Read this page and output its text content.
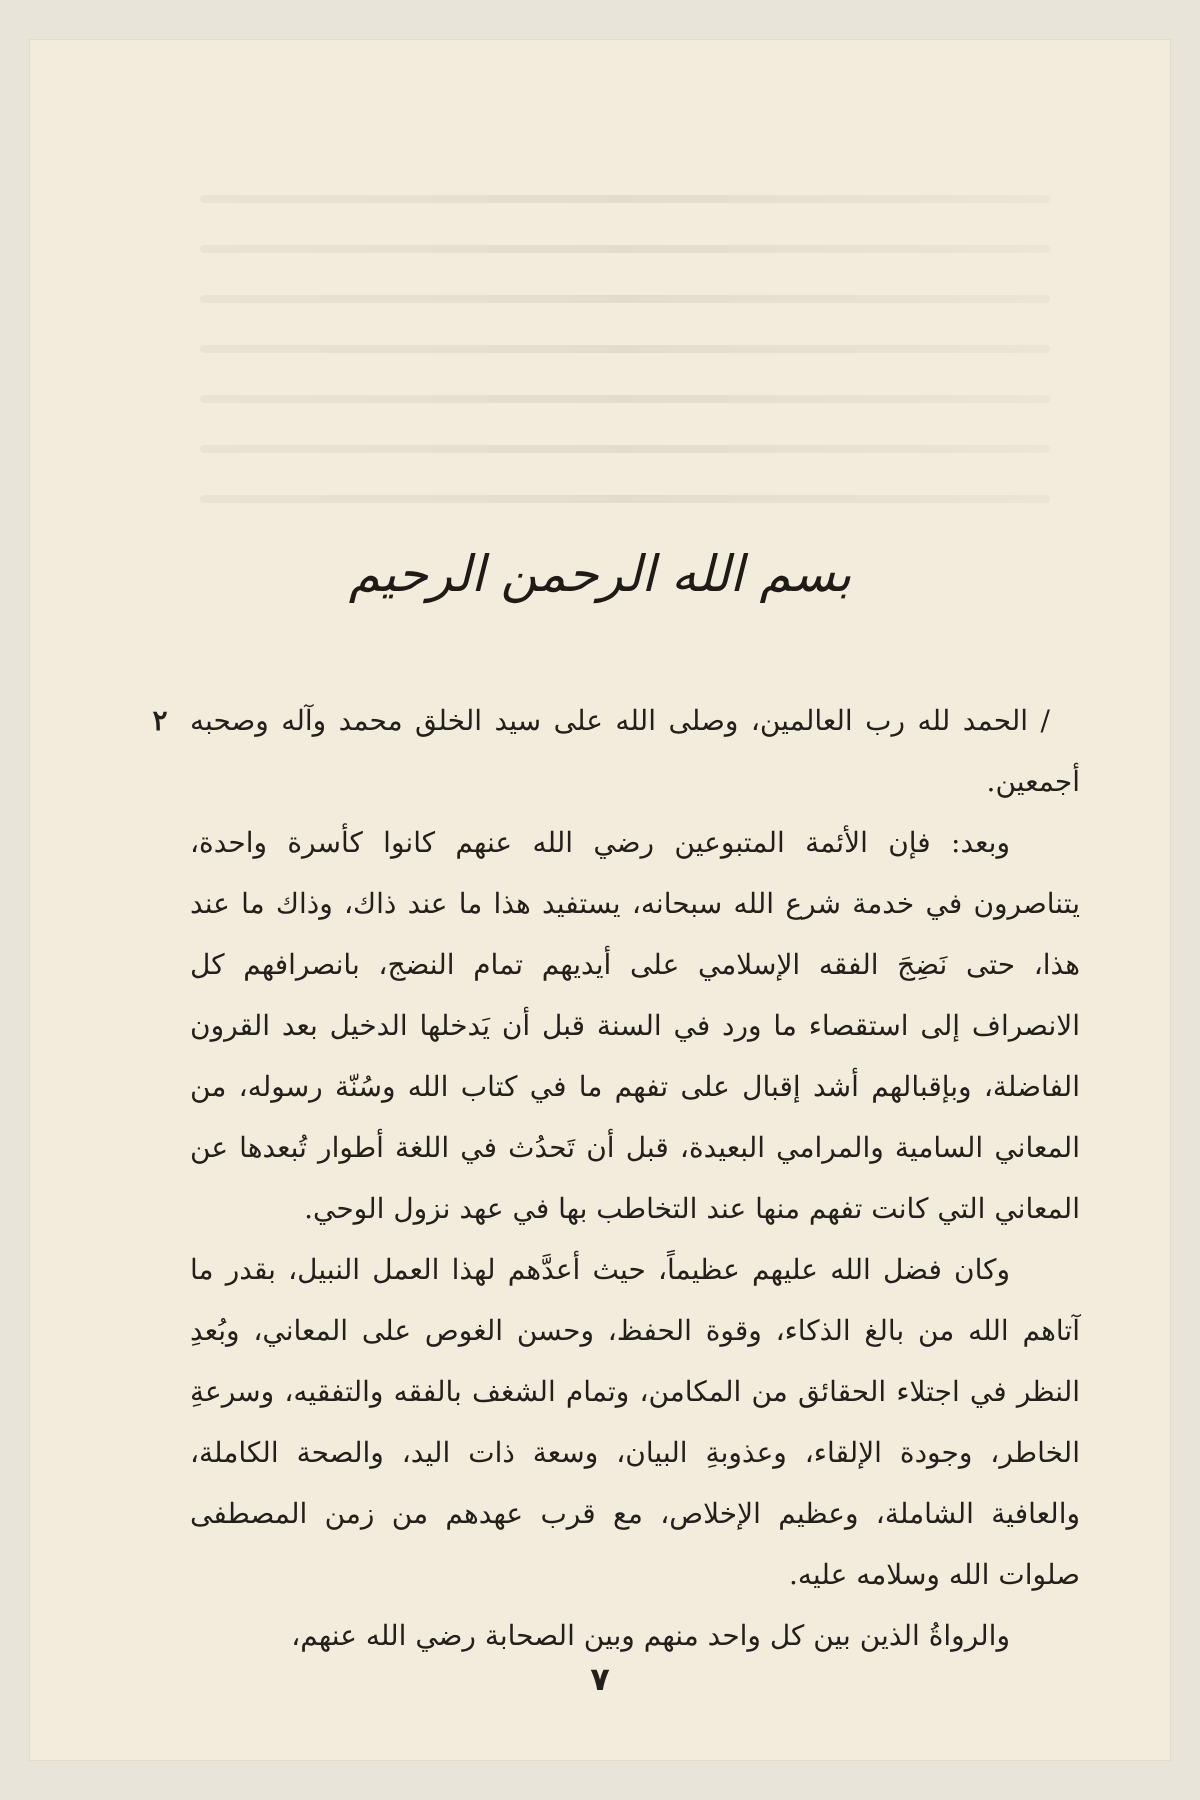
بسم الله الرحمن الرحيم
٢ / الحمد لله رب العالمين، وصلى الله على سيد الخلق محمد وآله وصحبه أجمعين.

وبعد: فإن الأئمة المتبوعين رضي الله عنهم كانوا كأسرة واحدة، يتناصرون في خدمة شرع الله سبحانه، يستفيد هذا ما عند ذاك، وذاك ما عند هذا، حتى نَضِجَ الفقه الإسلامي على أيديهم تمام النضج، بانصرافهم كل الانصراف إلى استقصاء ما ورد في السنة قبل أن يَدخلها الدخيل بعد القرون الفاضلة، وبإقبالهم أشد إقبال على تفهم ما في كتاب الله وسُنّة رسوله، من المعاني السامية والمرامي البعيدة، قبل أن تَحدُث في اللغة أطوار تُبعدها عن المعاني التي كانت تفهم منها عند التخاطب بها في عهد نزول الوحي.

وكان فضل الله عليهم عظيماً، حيث أعدَّهم لهذا العمل النبيل، بقدر ما آتاهم الله من بالغ الذكاء، وقوة الحفظ، وحسن الغوص على المعاني، وبُعدِ النظر في اجتلاء الحقائق من المكامن، وتمام الشغف بالفقه والتفقيه، وسرعةِ الخاطر، وجودة الإلقاء، وعذوبةِ البيان، وسعة ذات اليد، والصحة الكاملة، والعافية الشاملة، وعظيم الإخلاص، مع قرب عهدهم من زمن المصطفى صلوات الله وسلامه عليه.

والرواةُ الذين بين كل واحد منهم وبين الصحابة رضي الله عنهم،

٧
